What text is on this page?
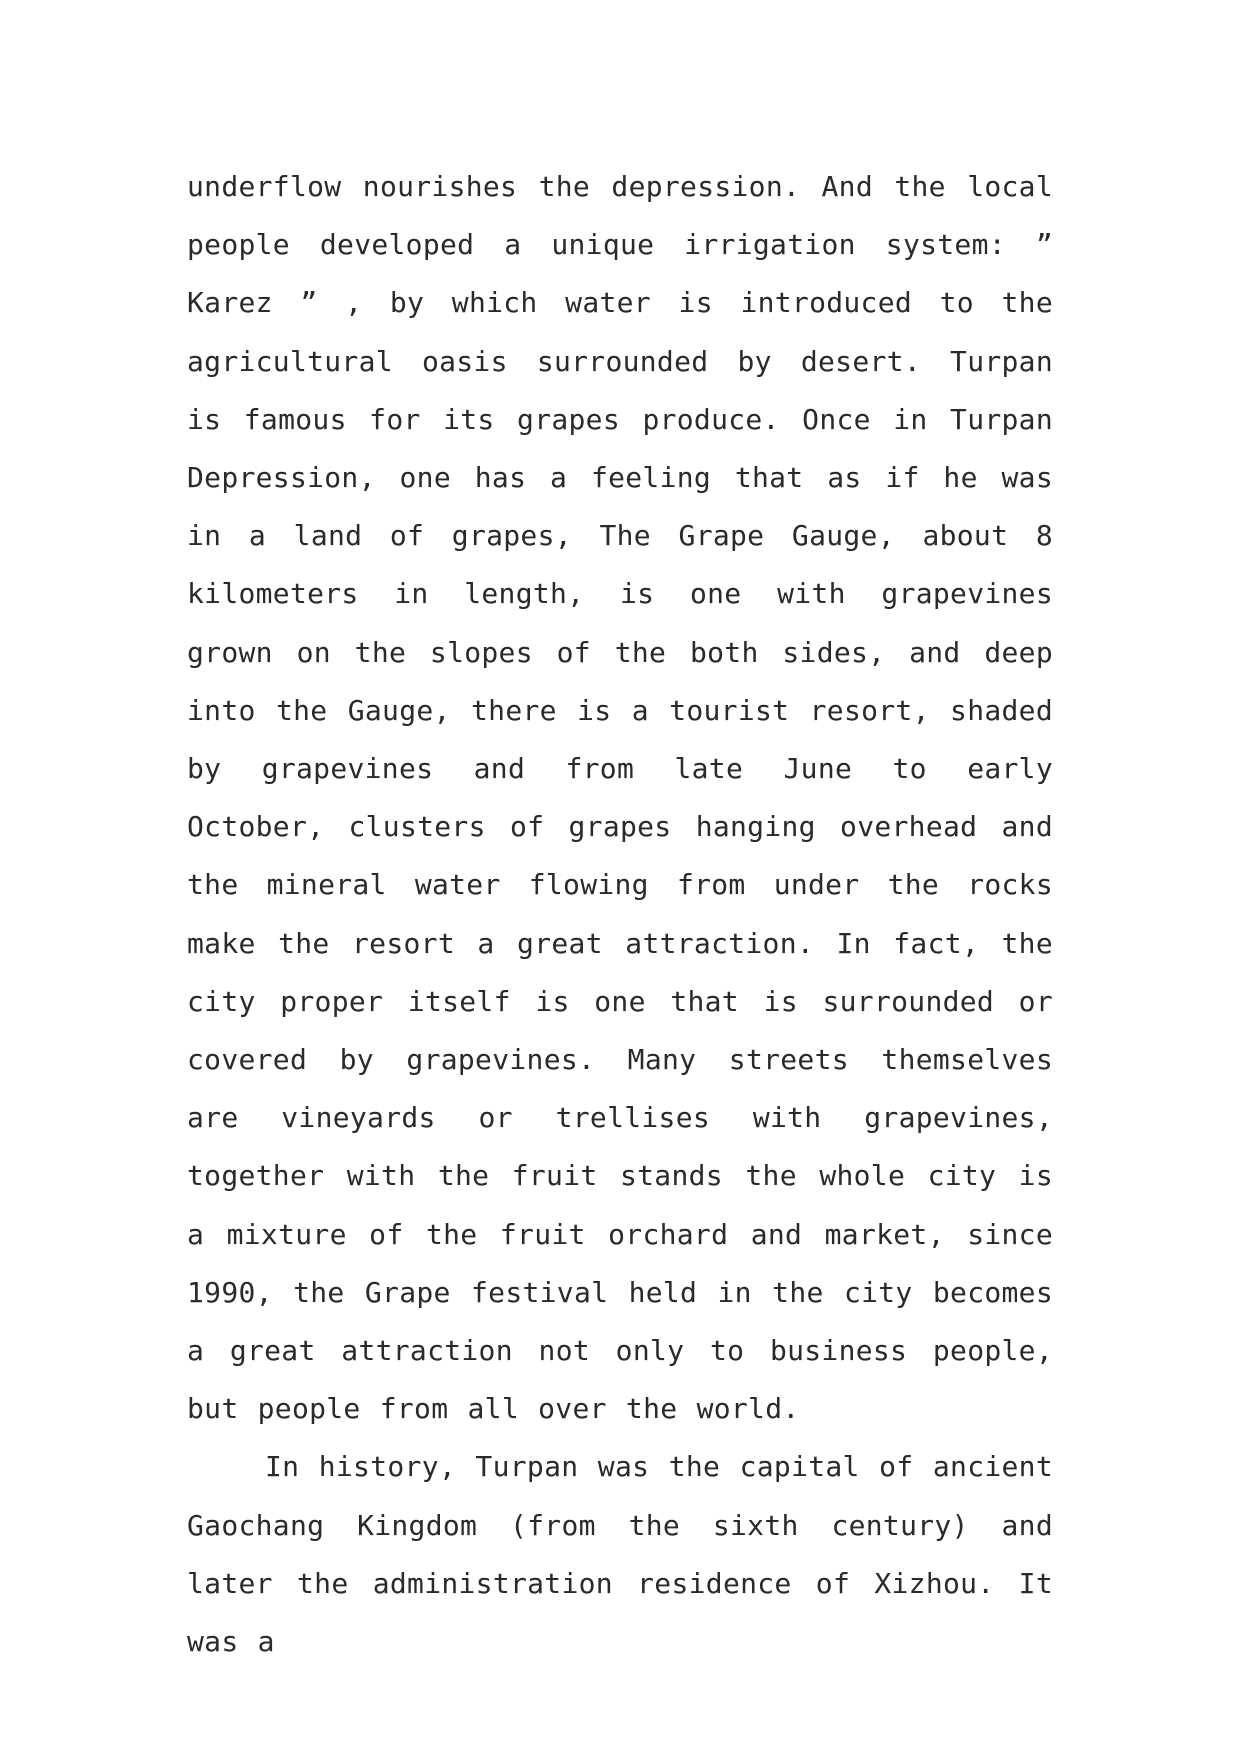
underflow nourishes the depression. And the local people developed a unique irrigation system: ” Karez ” , by which water is introduced to the agricultural oasis surrounded by desert. Turpan is famous for its grapes produce. Once in Turpan Depression, one has a feeling that as if he was in a land of grapes, The Grape Gauge, about 8 kilometers in length, is one with grapevines grown on the slopes of the both sides, and deep into the Gauge, there is a tourist resort, shaded by grapevines and from late June to early October, clusters of grapes hanging overhead and the mineral water flowing from under the rocks make the resort a great attraction. In fact, the city proper itself is one that is surrounded or covered by grapevines. Many streets themselves are vineyards or trellises with grapevines, together with the fruit stands the whole city is a mixture of the fruit orchard and market, since 1990, the Grape festival held in the city becomes a great attraction not only to business people, but people from all over the world.

In history, Turpan was the capital of ancient Gaochang Kingdom (from the sixth century) and later the administration residence of Xizhou. It was a
